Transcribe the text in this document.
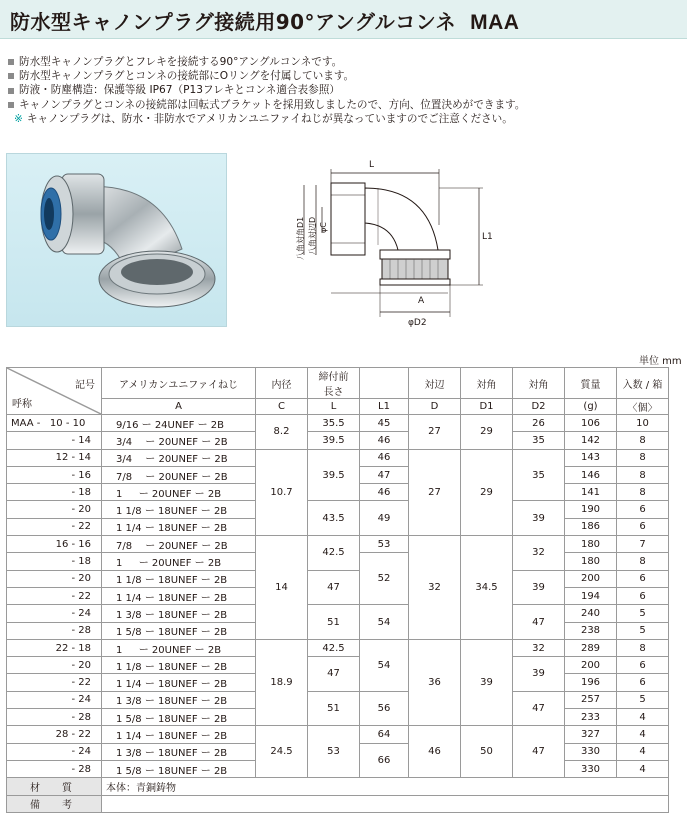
防水型キャノンプラグ接続用90°アングルコンネ MAA
防水型キャノンプラグとフレキを接続する90°アングルコンネです。
防水型キャノンプラグとコンネの接続部にOリングを付属しています。
防液・防塵構造：保護等級 IP67（P13フレキとコンネ適合表参照）
キャノンプラグとコンネの接続部は回転式ブラケットを採用致しましたので、方向、位置決めができます。
※ キャノンプラグは、防水・非防水でアメリカンユニファイねじが異なっていますのでご注意ください。
L
L1
八角対角D1 八角対辺D φC
A
φD2
単位 mm
記号
呼称	アメリカンユニファイねじ	内径	締付前
長さ		対辺	対角	対角	質量	入数 / 箱
	A	C	L	L1	D	D1	D2	(g)	〈個〉
MAA - 10 - 10	9/16 ー 24UNEF ー 2B	8.2	35.5	45	27	29	26	106	10
- 14	3/4 　ー 20UNEF ー 2B		39.5	46			35	142	8
12 - 14	3/4 　ー 20UNEF ー 2B	10.7	39.5	46	27	29	35	143	8
- 16	7/8 　ー 20UNEF ー 2B			47				146	8
- 18	1 　 ー 20UNEF ー 2B			46				141	8
- 20	1 1/8 ー 18UNEF ー 2B		43.5	49			39	190	6
- 22	1 1/4 ー 18UNEF ー 2B							186	6
16 - 16	7/8 　ー 20UNEF ー 2B	14	42.5	53	32	34.5	32	180	7
- 18	1 　 ー 20UNEF ー 2B			52				180	8
- 20	1 1/8 ー 18UNEF ー 2B		47				39	200	6
- 22	1 1/4 ー 18UNEF ー 2B							194	6
- 24	1 3/8 ー 18UNEF ー 2B		51	54			47	240	5
- 28	1 5/8 ー 18UNEF ー 2B							238	5
22 - 18	1 　 ー 20UNEF ー 2B	18.9	42.5	54	36	39	32	289	8
- 20	1 1/8 ー 18UNEF ー 2B		47				39	200	6
- 22	1 1/4 ー 18UNEF ー 2B							196	6
- 24	1 3/8 ー 18UNEF ー 2B		51	56			47	257	5
- 28	1 5/8 ー 18UNEF ー 2B							233	4
28 - 22	1 1/4 ー 18UNEF ー 2B	24.5	53	64	46	50	47	327	4
- 24	1 3/8 ー 18UNEF ー 2B			66				330	4
- 28	1 5/8 ー 18UNEF ー 2B							330	4
材　質	本体：青銅鋳物								
備　考									
